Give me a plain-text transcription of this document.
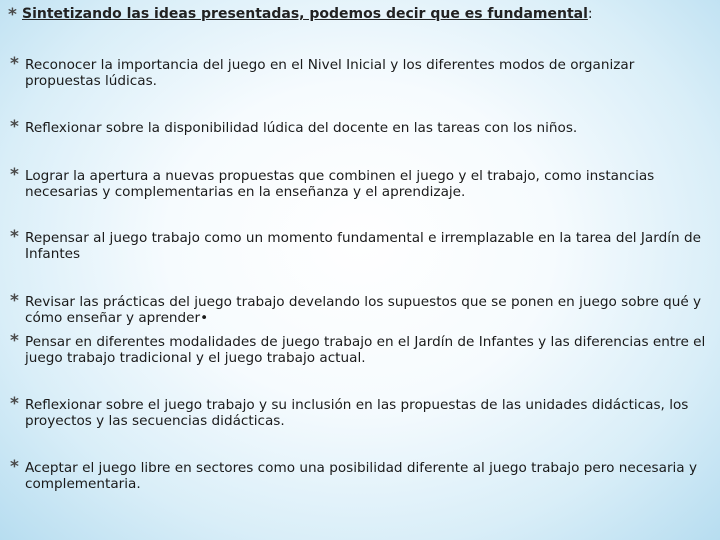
* Sintetizando las ideas presentadas, podemos decir que es fundamental:
* Reconocer la importancia del juego en el Nivel Inicial y los diferentes modos de organizar propuestas lúdicas.
* Reflexionar sobre la disponibilidad lúdica del docente en las tareas con los niños.
* Lograr la apertura a nuevas propuestas que combinen el juego y el trabajo, como instancias necesarias y complementarias en la enseñanza y el aprendizaje.
* Repensar al juego trabajo como un momento fundamental e irremplazable en la tarea del Jardín de Infantes
* Revisar las prácticas del juego trabajo develando los supuestos que se ponen en juego sobre qué y cómo enseñar y aprender•
* Pensar en diferentes modalidades de juego trabajo en el Jardín de Infantes y las diferencias entre el juego trabajo tradicional y el juego trabajo actual.
* Reflexionar sobre el juego trabajo y su inclusión en las propuestas de las unidades didácticas, los proyectos y las secuencias didácticas.
* Aceptar el juego libre en sectores como una posibilidad diferente al juego trabajo pero necesaria y complementaria.
